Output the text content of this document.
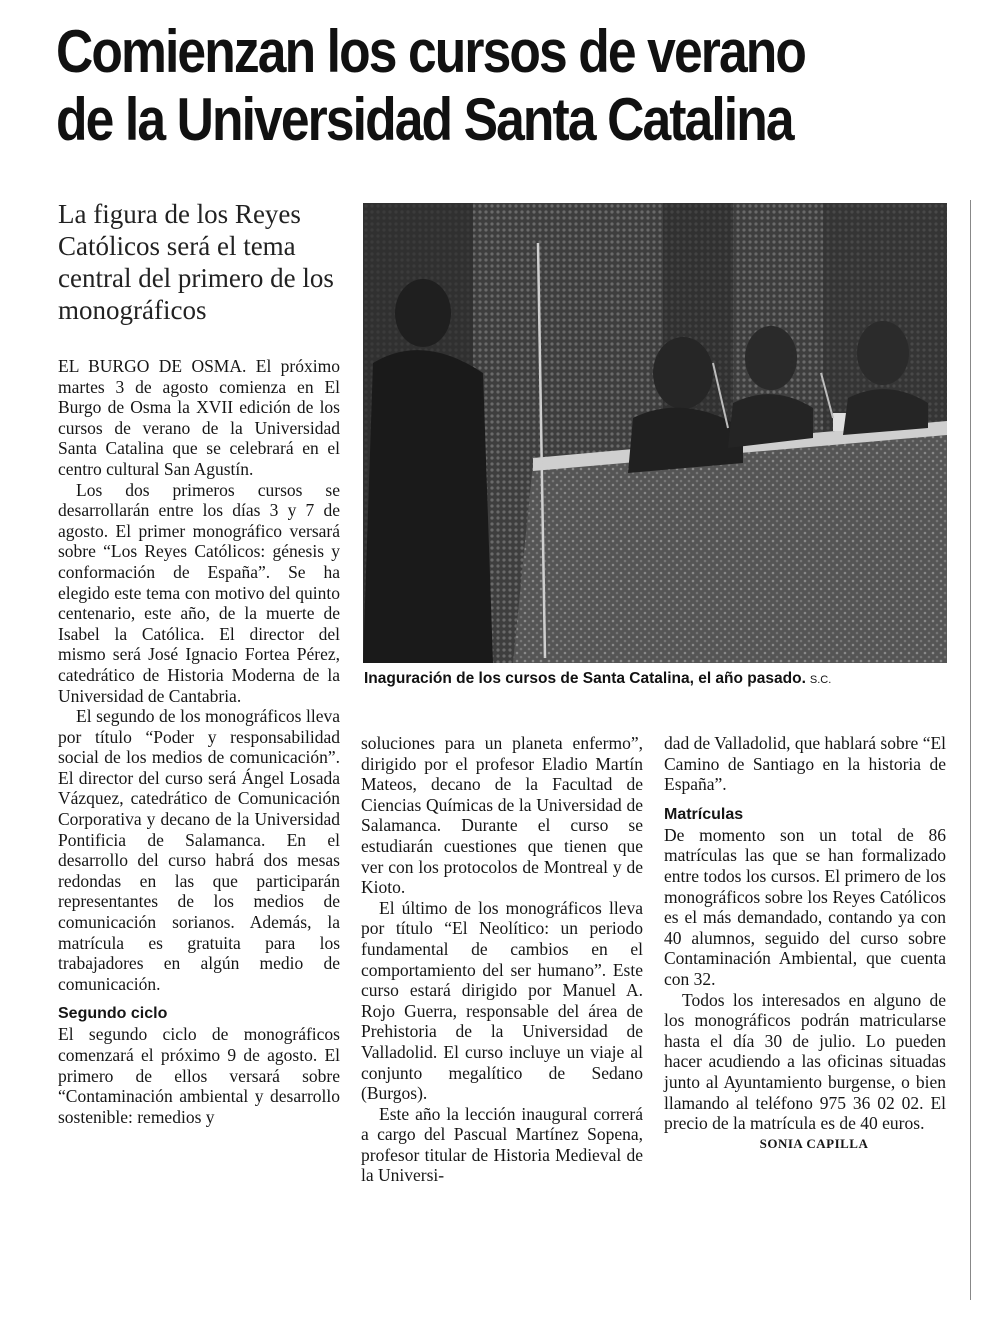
Comienzan los cursos de verano
de la Universidad Santa Catalina
La figura de los Reyes Católicos será el tema central del primero de los monográficos
Inaguración de los cursos de Santa Catalina, el año pasado. S.C.

EL BURGO DE OSMA. El próximo martes 3 de agosto comienza en El Burgo de Osma la XVII edición de los cursos de verano de la Universidad Santa Catalina que se celebrará en el centro cultural San Agustín.

Los dos primeros cursos se desarrollarán entre los días 3 y 7 de agosto. El primer monográfico versará sobre “Los Reyes Católicos: génesis y conformación de España”. Se ha elegido este tema con motivo del quinto centenario, este año, de la muerte de Isabel la Católica. El director del mismo será José Ignacio Fortea Pérez, catedrático de Historia Moderna de la Universidad de Cantabria.

El segundo de los monográficos lleva por título “Poder y responsabilidad social de los medios de comunicación”. El director del curso será Ángel Losada Vázquez, catedrático de Comunicación Corporativa y decano de la Universidad Pontificia de Salamanca. En el desarrollo del curso habrá dos mesas redondas en las que participarán representantes de los medios de comunicación sorianos. Además, la matrícula es gratuita para los trabajadores en algún medio de comunicación.

Segundo ciclo

El segundo ciclo de monográficos comenzará el próximo 9 de agosto. El primero de ellos versará sobre “Contaminación ambiental y desarrollo sostenible: remedios y

soluciones para un planeta enfermo”, dirigido por el profesor Eladio Martín Mateos, decano de la Facultad de Ciencias Químicas de la Universidad de Salamanca. Durante el curso se estudiarán cuestiones que tienen que ver con los protocolos de Montreal y de Kioto.

El último de los monográficos lleva por título “El Neolítico: un periodo fundamental de cambios en el comportamiento del ser humano”. Este curso estará dirigido por Manuel A. Rojo Guerra, responsable del área de Prehistoria de la Universidad de Valladolid. El curso incluye un viaje al conjunto megalítico de Sedano (Burgos).

Este año la lección inaugural correrá a cargo del Pascual Martínez Sopena, profesor titular de Historia Medieval de la Universi-

dad de Valladolid, que hablará sobre “El Camino de Santiago en la historia de España”.

Matrículas

De momento son un total de 86 matrículas las que se han formalizado entre todos los cursos. El primero de los monográficos sobre los Reyes Católicos es el más demandado, contando ya con 40 alumnos, seguido del curso sobre Contaminación Ambiental, que cuenta con 32.

Todos los interesados en alguno de los monográficos podrán matricularse hasta el día 30 de julio. Lo pueden hacer acudiendo a las oficinas situadas junto al Ayuntamiento burgense, o bien llamando al teléfono 975 36 02 02. El precio de la matrícula es de 40 euros.

SONIA CAPILLA
